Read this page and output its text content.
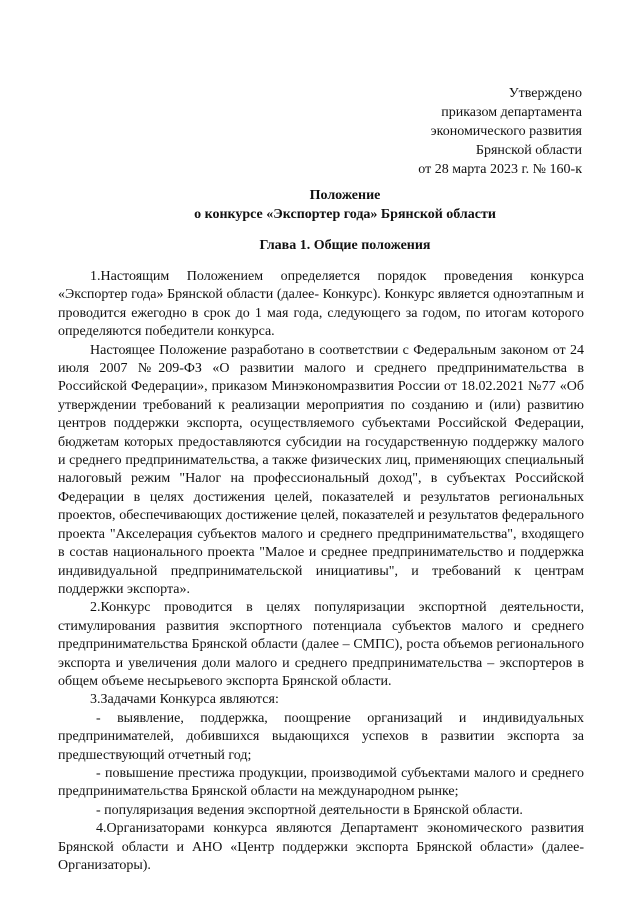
Утверждено
приказом департамента
экономического развития
Брянской области
от 28 марта 2023 г. № 160-к
Положение
о конкурсе «Экспортер года» Брянской области
Глава 1. Общие положения

1.Настоящим Положением определяется порядок проведения конкурса «Экспортер года» Брянской области (далее- Конкурс). Конкурс является одноэтапным и проводится ежегодно в срок до 1 мая года, следующего за годом, по итогам которого определяются победители конкурса.

Настоящее Положение разработано в соответствии с Федеральным законом от 24 июля 2007 №209-ФЗ «О развитии малого и среднего предпринимательства в Российской Федерации», приказом Минэкономразвития России от 18.02.2021 №77 «Об утверждении требований к реализации мероприятия по созданию и (или) развитию центров поддержки экспорта, осуществляемого субъектами Российской Федерации, бюджетам которых предоставляются субсидии на государственную поддержку малого и среднего предпринимательства, а также физических лиц, применяющих специальный налоговый режим "Налог на профессиональный доход", в субъектах Российской Федерации в целях достижения целей, показателей и результатов региональных проектов, обеспечивающих достижение целей, показателей и результатов федерального проекта "Акселерация субъектов малого и среднего предпринимательства", входящего в состав национального проекта "Малое и среднее предпринимательство и поддержка индивидуальной предпринимательской инициативы", и требований к центрам поддержки экспорта».

2.Конкурс проводится в целях популяризации экспортной деятельности, стимулирования развития экспортного потенциала субъектов малого и среднего предпринимательства Брянской области (далее – СМПС), роста объемов регионального экспорта и увеличения доли малого и среднего предпринимательства – экспортеров в общем объеме несырьевого экспорта Брянской области.

3.Задачами Конкурса являются:

- выявление, поддержка, поощрение организаций и индивидуальных предпринимателей, добившихся выдающихся успехов в развитии экспорта за предшествующий отчетный год;

- повышение престижа продукции, производимой субъектами малого и среднего предпринимательства Брянской области на международном рынке;

- популяризация ведения экспортной деятельности в Брянской области.

4.Организаторами конкурса являются Департамент экономического развития Брянской области и АНО «Центр поддержки экспорта Брянской области» (далее- Организаторы).
